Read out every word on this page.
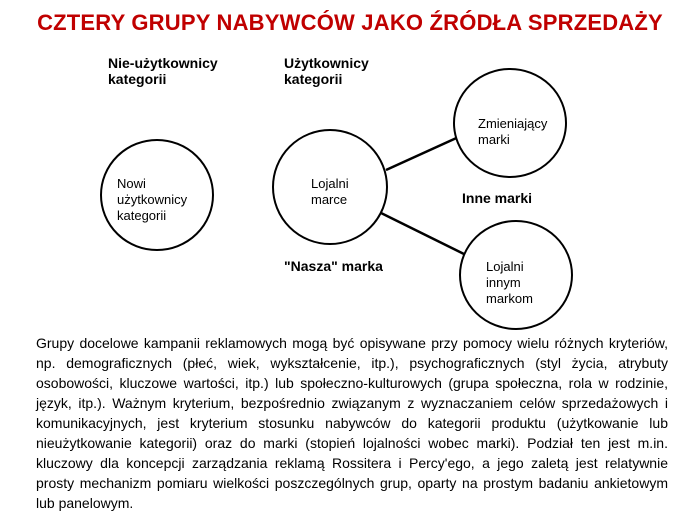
CZTERY GRUPY NABYWCÓW JAKO ŹRÓDŁA SPRZEDAŻY
Nie-użytkownicy
kategorii
Użytkownicy
kategorii
Nowi
użytkownicy
kategorii
Lojalni
marce
Zmieniający
marki
Lojalni
innym
markom
"Nasza" marka
Inne marki
Grupy docelowe kampanii reklamowych mogą być opisywane przy pomocy wielu różnych kryteriów, np. demograficznych (płeć, wiek, wykształcenie, itp.), psychograficznych (styl życia, atrybuty osobowości, kluczowe wartości, itp.) lub społeczno-kulturowych (grupa społeczna, rola w rodzinie, język, itp.). Ważnym kryterium, bezpośrednio związanym z wyznaczaniem celów sprzedażowych i komunikacyjnych, jest kryterium stosunku nabywców do kategorii produktu (użytkowanie lub nieużytkowanie kategorii) oraz do marki (stopień lojalności wobec marki). Podział ten jest m.in. kluczowy dla koncepcji zarządzania reklamą Rossitera i Percy'ego, a jego zaletą jest relatywnie prosty mechanizm pomiaru wielkości poszczególnych grup, oparty na prostym badaniu ankietowym lub panelowym.
